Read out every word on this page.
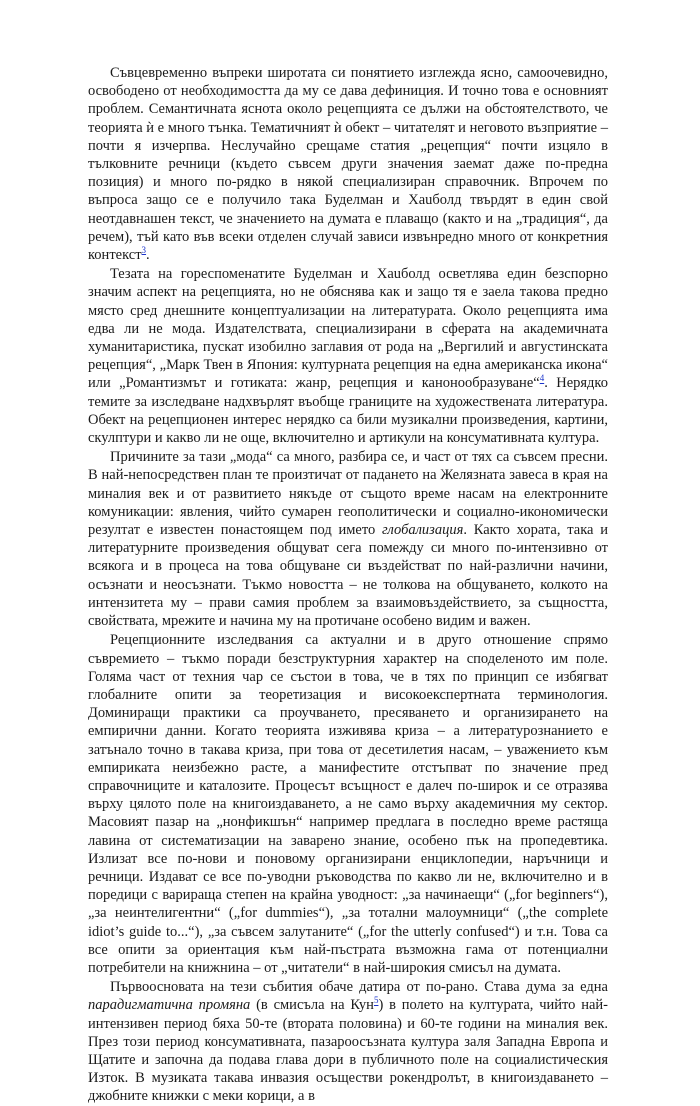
Съвцевременно въпреки широтата си понятието изглежда ясно, самоочевидно, освободено от необходимостта да му се дава дефиниция. И точно това е основният проблем. Семантичната яснота около рецепцията се дължи на обстоятелството, че теорията ѝ е много тънка. Тематичният ѝ обект – читателят и неговото възприятие – почти я изчерпва. Неслучайно срещаме статия „рецепция“ почти изцяло в тълковните речници (където съвсем други значения заемат даже по-предна позиция) и много по-рядко в някой специализиран справочник. Впрочем по въпроса защо се е получило така Буделман и Хаuболд твърдят в един свой неотдавнашен текст, че значението на думата е плаващо (както и на „традиция“, да речем), тъй като във всеки отделен случай зависи извънредно много от конкретния контекст$^3$.

Тезата на гореспоменатите Буделман и Хаuболд осветлява един безспорно значим аспект на рецепцията, но не обяснява как и защо тя е заела такова предно място сред днешните концептуализации на литературата. Около рецепцията има едва ли не мода. Издателствата, специализирани в сферата на академичната хуманитаристика, пускат изобилно заглавия от рода на „Вергилий и августинската рецепция“, „Марк Твен в Япония: културната рецепция на една американска икона“ или „Романтизмът и готиката: жанр, рецепция и канонообразуване“$^4$. Нерядко темите за изследване надхвърлят въобще границите на художествената литература. Обект на рецепционен интерес нерядко са били музикални произведения, картини, скулптури и какво ли не още, включително и артикули на консумативната култура.

Причините за тази „мода“ са много, разбира се, и част от тях са съвсем пресни. В най-непосредствен план те произтичат от падането на Желязната завеса в края на миналия век и от развитието някъде от същото време насам на електронните комуникации: явления, чийто сумарен геополитически и социално-икономически резултат е известен понастоящем под името глобализация. Както хората, така и литературните произведения общуват сега помежду си много по-интензивно от всякога и в процеса на това общуване си въздействат по най-различни начини, осъзнати и неосъзнати. Тъкмо новостта – не толкова на общуването, колкото на интензитета му – прави самия проблем за взаимовъздействието, за същността, свойствата, мрежите и начина му на протичане особено видим и важен.

Рецепционните изследвания са актуални и в друго отношение спрямо съвремието – тъкмо поради безструктурния характер на споделеното им поле. Голяма част от техния чар се състои в това, че в тях по принцип се избягват глобалните опити за теоретизация и високоекспертната терминология. Доминиращи практики са проучването, пресяването и организирането на емпирични данни. Когато теорията изживява криза – а литературознанието е затънало точно в такава криза, при това от десетилетия насам, – уважението към емпириката неизбежно расте, а манифестите отстъпват по значение пред справочниците и каталозите. Процесът всъщност е далеч по-широк и се отразява върху цялото поле на книгоиздаването, а не само върху академичния му сектор. Масовият пазар на „нонфикшън“ например предлага в последно време растяща лавина от систематизации на заварено знание, особено пък на пропедевтика. Излизат все по-нови и поновому организирани енциклопедии, наръчници и речници. Издават се все по-уводни ръководства по какво ли не, включително и в поредици с варираща степен на крайна уводност: „за начинаещи“ („for beginners“), „за неинтелигентни“ („for dummies“), „за тотални малоумници“ („the complete idiot’s guide to...“), „за съвсем залутаните“ („for the utterly confused“) и т.н. Това са все опити за ориентация към най-пъстрата възможна гама от потенциални потребители на книжнина – от „читатели“ в най-широкия смисъл на думата.

Първоосновата на тези събития обаче датира от по-рано. Става дума за една парадигматична промяна (в смисъла на Кун$^5$) в полето на културата, чийто най-интензивен период бяха 50-те (втората половина) и 60-те години на миналия век. През този период консумативната, пазароосъзната култура заля Западна Европа и Щатите и започна да подава глава дори в публичното поле на социалистическия Изток. В музиката такава инвазия осъществи рокендролът, в книгоиздаването – джобните книжки с меки корици, а в
